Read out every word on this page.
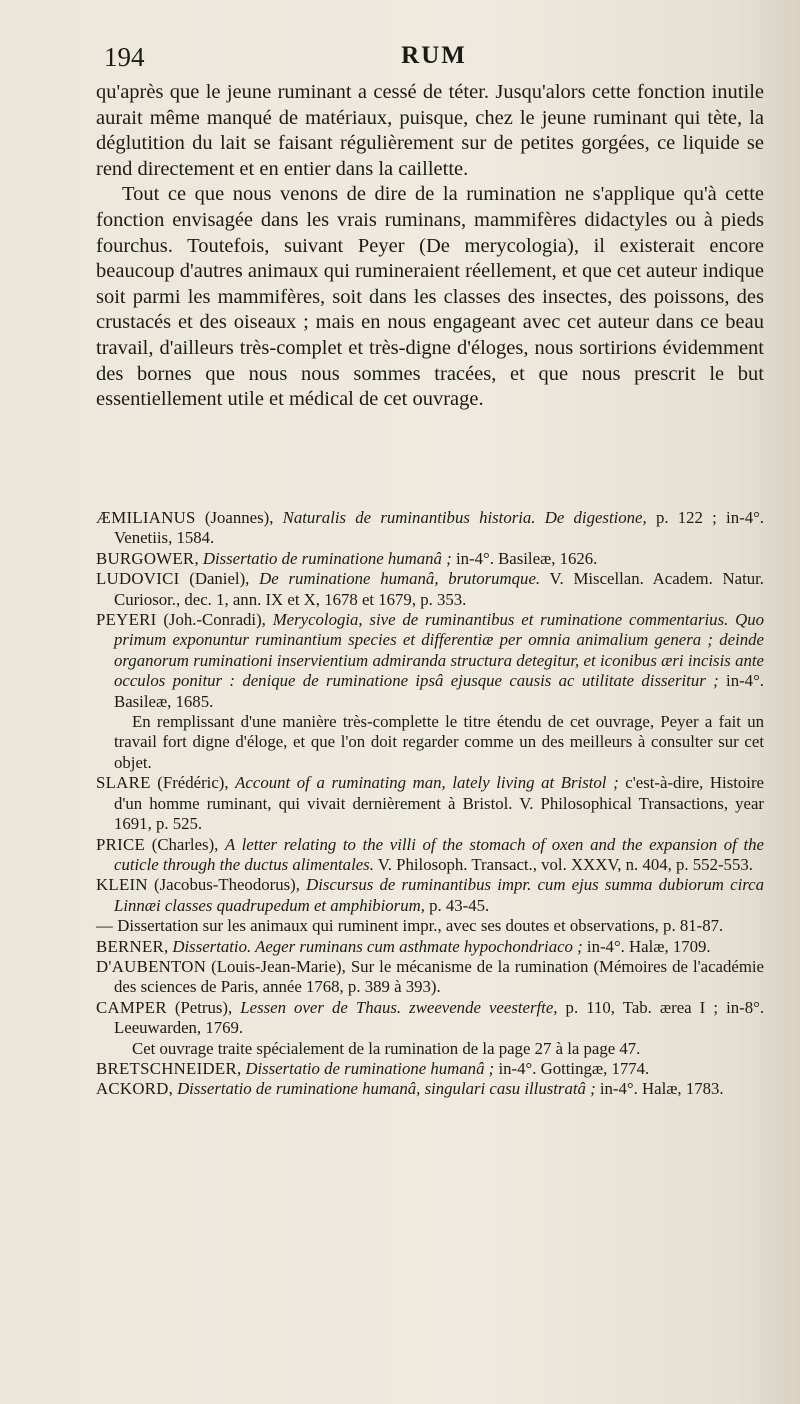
194	RUM

qu'après que le jeune ruminant a cessé de téter. Jusqu'alors cette fonction inutile aurait même manqué de matériaux, puisque, chez le jeune ruminant qui tète, la déglutition du lait se faisant régulièrement sur de petites gorgées, ce liquide se rend directement et en entier dans la caillette.

Tout ce que nous venons de dire de la rumination ne s'applique qu'à cette fonction envisagée dans les vrais ruminans, mammifères didactyles ou à pieds fourchus. Toutefois, suivant Peyer (De merycologia), il existerait encore beaucoup d'autres animaux qui rumineraient réellement, et que cet auteur indique soit parmi les mammifères, soit dans les classes des insectes, des poissons, des crustacés et des oiseaux ; mais en nous engageant avec cet auteur dans ce beau travail, d'ailleurs très-complet et très-digne d'éloges, nous sortirions évidemment des bornes que nous nous sommes tracées, et que nous prescrit le but essentiellement utile et médical de cet ouvrage.

ÆMILIANUS (Joannes), Naturalis de ruminantibus historia. De digestione, p. 122 ; in-4°. Venetiis, 1584.

BURGOWER, Dissertatio de ruminatione humanâ ; in-4°. Basileæ, 1626.

LUDOVICI (Daniel), De ruminatione humanâ, brutorumque. V. Miscellan. Academ. Natur. Curiosor., dec. 1, ann. IX et X, 1678 et 1679, p. 353.

PEYERI (Joh.-Conradi), Merycologia, sive de ruminantibus et ruminatione commentarius. Quo primum exponuntur ruminantium species et differentiæ per omnia animalium genera ; deinde organorum ruminationi inservientium admiranda structura detegitur, et iconibus æri incisis ante occulos ponitur : denique de ruminatione ipsâ ejusque causis ac utilitate disseritur ; in-4°. Basileæ, 1685.

En remplissant d'une manière très-complette le titre étendu de cet ouvrage, Peyer a fait un travail fort digne d'éloge, et que l'on doit regarder comme un des meilleurs à consulter sur cet objet.

SLARE (Frédéric), Account of a ruminating man, lately living at Bristol ; c'est-à-dire, Histoire d'un homme ruminant, qui vivait dernièrement à Bristol. V. Philosophical Transactions, year 1691, p. 525.

PRICE (Charles), A letter relating to the villi of the stomach of oxen and the expansion of the cuticle through the ductus alimentales. V. Philosoph. Transact., vol. XXXV, n. 404, p. 552-553.

KLEIN (Jacobus-Theodorus), Discursus de ruminantibus impr. cum ejus summa dubiorum circa Linnæi classes quadrupedum et amphibiorum, p. 43-45.

— Dissertation sur les animaux qui ruminent impr., avec ses doutes et observations, p. 81-87.

BERNER, Dissertatio. Aeger ruminans cum asthmate hypochondriaco ; in-4°. Halæ, 1709.

D'AUBENTON (Louis-Jean-Marie), Sur le mécanisme de la rumination (Mémoires de l'académie des sciences de Paris, année 1768, p. 389 à 393).

CAMPER (Petrus), Lessen over de Thaus. zweevende veesterfte, p. 110, Tab. ærea I ; in-8°. Leeuwarden, 1769.

Cet ouvrage traite spécialement de la rumination de la page 27 à la page 47.

BRETSCHNEIDER, Dissertatio de ruminatione humanâ ; in-4°. Gottingæ, 1774.

ACKORD, Dissertatio de ruminatione humanâ, singulari casu illustratâ ; in-4°. Halæ, 1783.
